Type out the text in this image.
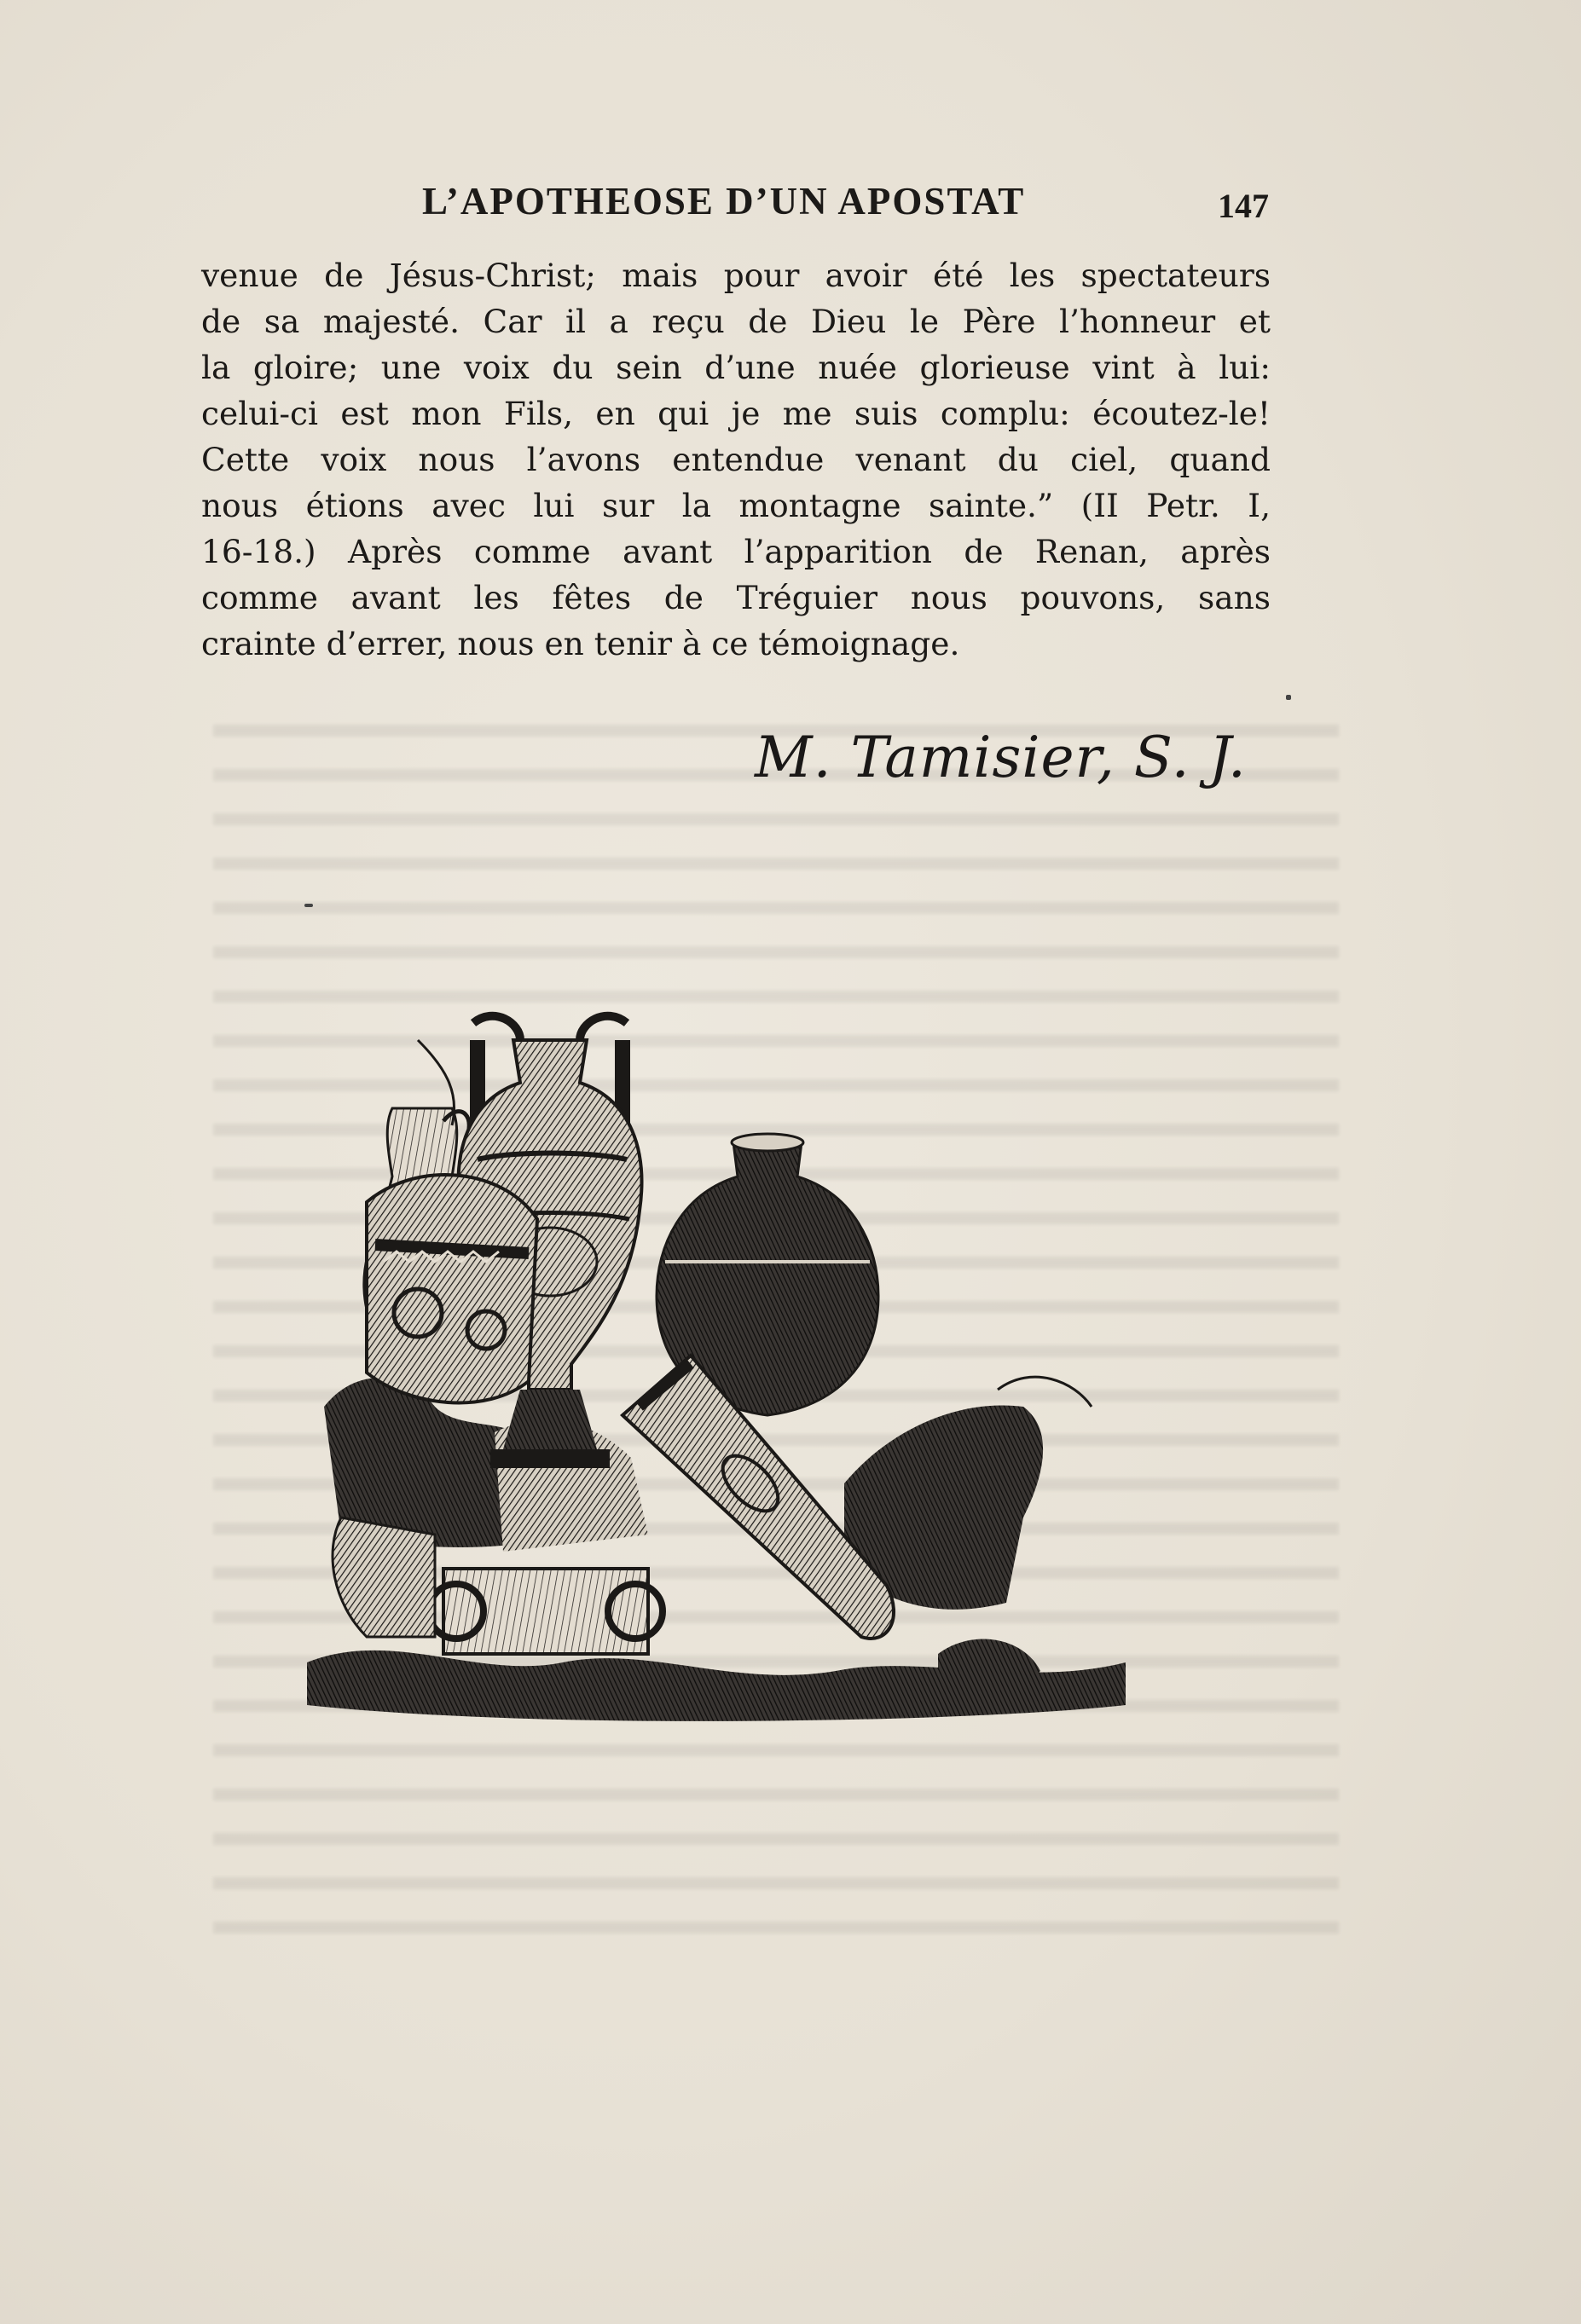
L’APOTHEOSE D’UN APOSTAT	147
venue de Jésus-Christ; mais pour avoir été les spectateurs
de sa majesté. Car il a reçu de Dieu le Père l’honneur et
la gloire; une voix du sein d’une nuée glorieuse vint à lui:
celui-ci est mon Fils, en qui je me suis complu: écoutez-le!
Cette voix nous l’avons entendue venant du ciel, quand
nous étions avec lui sur la montagne sainte.” (II Petr. I,
16-18.) Après comme avant l’apparition de Renan, après
comme avant les fêtes de Tréguier nous pouvons, sans
crainte d’errer, nous en tenir à ce témoignage.
M. Tamisier, S. J.
